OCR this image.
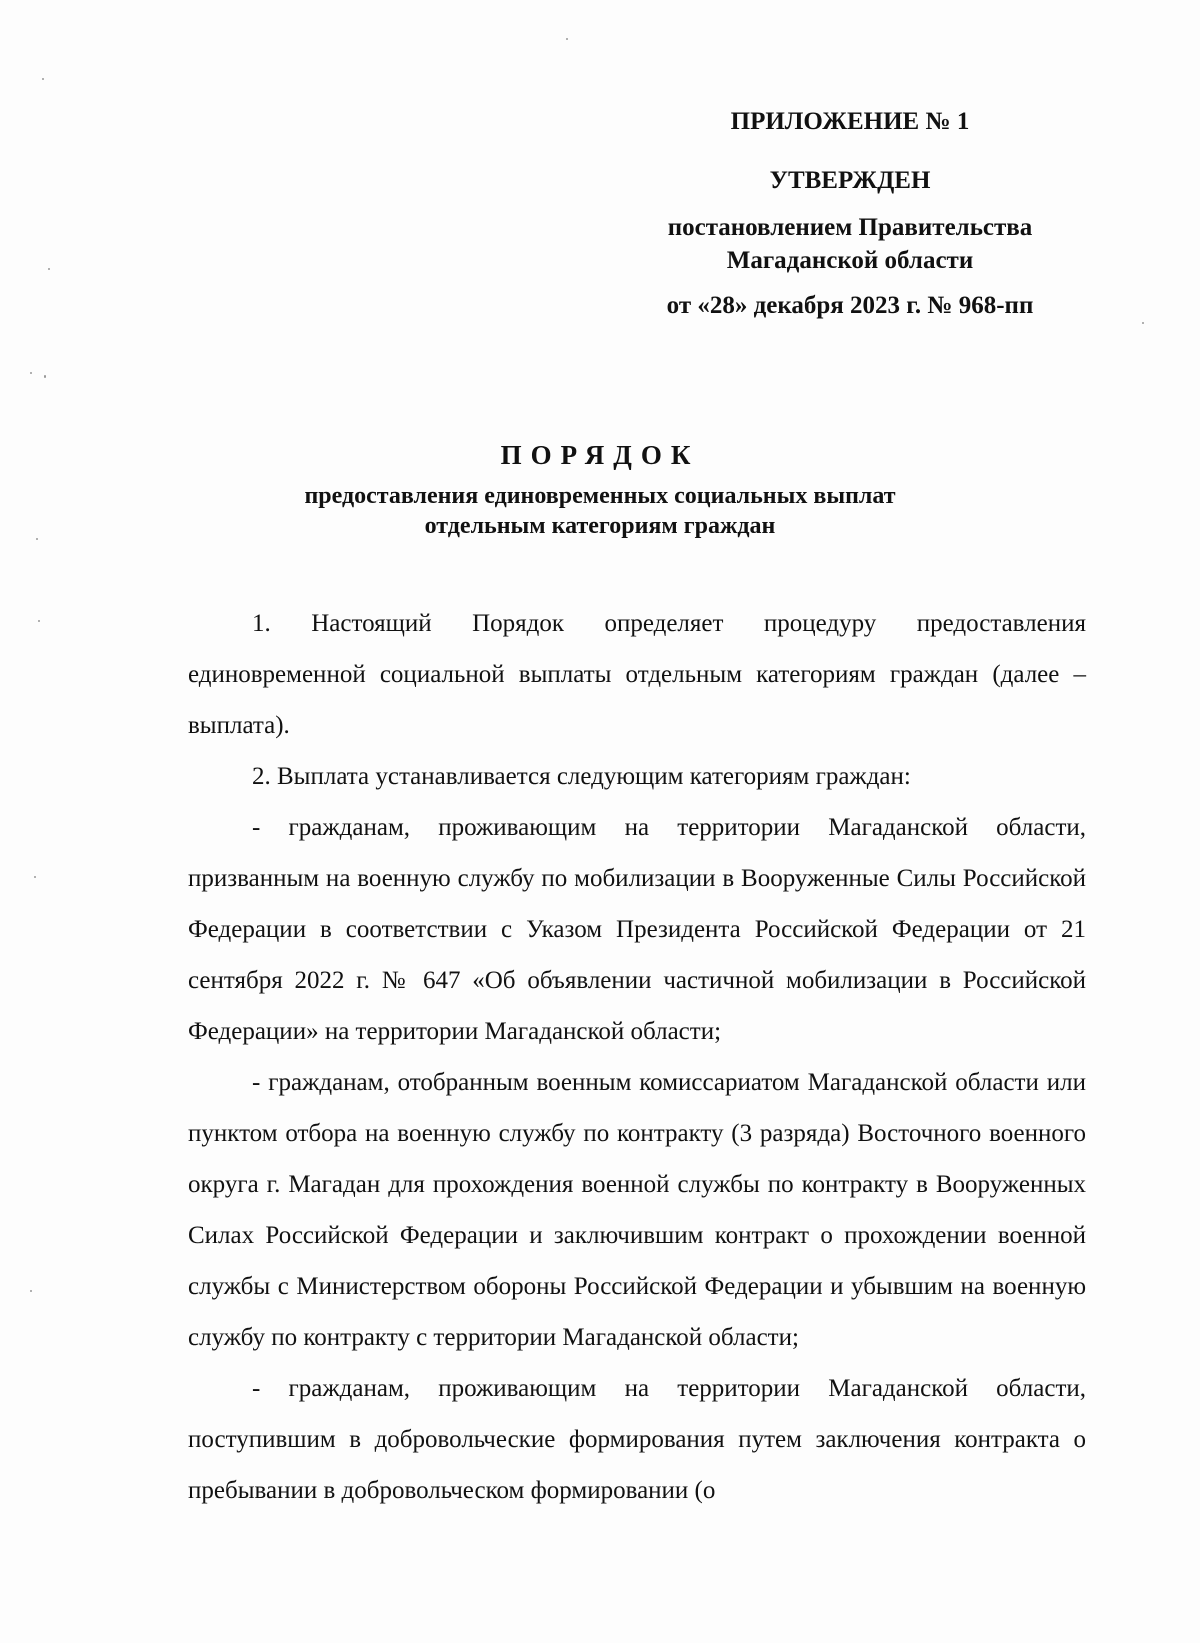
ПРИЛОЖЕНИЕ № 1

УТВЕРЖДЕН

постановлением Правительства

Магаданской области

от «28» декабря 2023 г. № 968-пп

ПОРЯДОК

предоставления единовременных социальных выплат

отдельным категориям граждан

1. Настоящий Порядок определяет процедуру предоставления единовременной социальной выплаты отдельным категориям граждан (далее – выплата).

2. Выплата устанавливается следующим категориям граждан:

- гражданам, проживающим на территории Магаданской области, призванным на военную службу по мобилизации в Вооруженные Силы Российской Федерации в соответствии с Указом Президента Российской Федерации от 21 сентября 2022 г. № 647 «Об объявлении частичной мобилизации в Российской Федерации» на территории Магаданской области;

- гражданам, отобранным военным комиссариатом Магаданской области или пунктом отбора на военную службу по контракту (3 разряда) Восточного военного округа г. Магадан для прохождения военной службы по контракту в Вооруженных Силах Российской Федерации и заключившим контракт о прохождении военной службы с Министерством обороны Российской Федерации и убывшим на военную службу по контракту с территории Магаданской области;

- гражданам, проживающим на территории Магаданской области, поступившим в добровольческие формирования путем заключения контракта о пребывании в добровольческом формировании (о
